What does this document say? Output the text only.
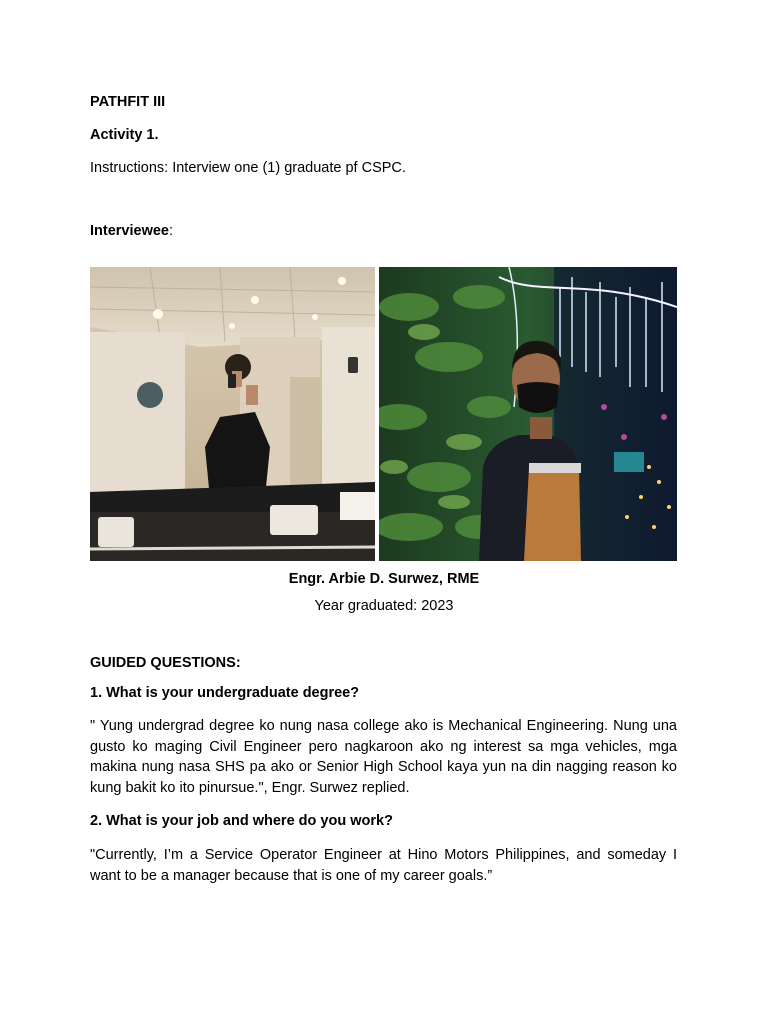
PATHFIT III
Activity 1.
Instructions: Interview one (1) graduate pf CSPC.
Interviewee:
Engr. Arbie D. Surwez, RME
Year graduated: 2023
GUIDED QUESTIONS:
1. What is your undergraduate degree?
" Yung undergrad degree ko nung nasa college ako is Mechanical Engineering. Nung una gusto ko maging Civil Engineer pero nagkaroon ako ng interest sa mga vehicles, mga makina nung nasa SHS pa ako or Senior High School kaya yun na din nagging reason ko kung bakit ko ito pinursue.", Engr. Surwez replied.
2. What is your job and where do you work?
"Currently, I’m a Service Operator Engineer at Hino Motors Philippines, and someday I want to be a manager because that is one of my career goals.”
